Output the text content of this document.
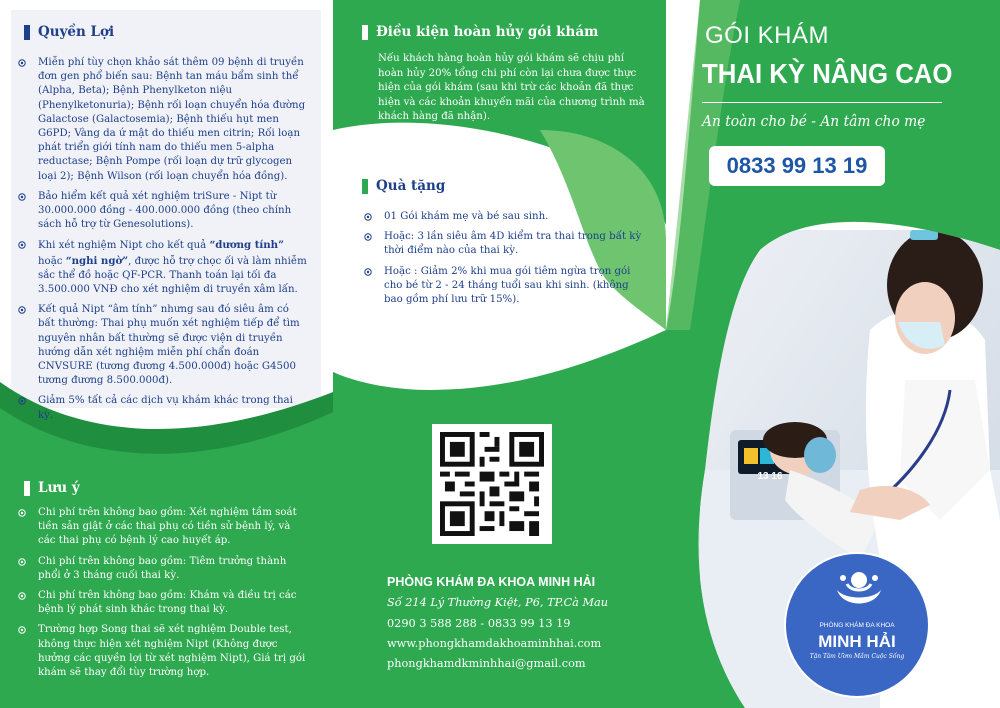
Quyền Lợi
Miễn phí tùy chọn khảo sát thêm 09 bệnh di truyền đơn gen phổ biến sau: Bệnh tan máu bẩm sinh thể (Alpha, Beta); Bệnh Phenylketon niệu (Phenylketonuria); Bệnh rối loạn chuyển hóa đường Galactose (Galactosemia); Bệnh thiếu hụt men G6PD; Vàng da ứ mật do thiếu men citrin; Rối loạn phát triển giới tính nam do thiếu men 5-alpha reductase; Bệnh Pompe (rối loạn dự trữ glycogen loại 2); Bệnh Wilson (rối loạn chuyển hóa đồng).
Bảo hiểm kết quả xét nghiệm triSure - Nipt từ 30.000.000 đồng - 400.000.000 đồng (theo chính sách hỗ trợ từ Genesolutions).
Khi xét nghiệm Nipt cho kết quả “dương tính” hoặc “nghi ngờ”, được hỗ trợ chọc ối và làm nhiễm sắc thể đồ hoặc QF-PCR. Thanh toán lại tối đa 3.500.000 VNĐ cho xét nghiệm di truyền xâm lấn.
Kết quả Nipt “âm tính” nhưng sau đó siêu âm có bất thường: Thai phụ muốn xét nghiệm tiếp để tìm nguyên nhân bất thường sẽ được viện di truyền hướng dẫn xét nghiệm miễn phí chẩn đoán CNVSURE (tương đương 4.500.000đ) hoặc G4500 tương đương 8.500.000đ).
Giảm 5% tất cả các dịch vụ khám khác trong thai kỳ.
Lưu ý
Chi phí trên không bao gồm: Xét nghiệm tầm soát tiền sản giật ở các thai phụ có tiền sử bệnh lý, và các thai phụ có bệnh lý cao huyết áp.
Chi phí trên không bao gồm: Tiêm trưởng thành phổi ở 3 tháng cuối thai kỳ.
Chi phí trên không bao gồm: Khám và điều trị các bệnh lý phát sinh khác trong thai kỳ.
Trường hợp Song thai sẽ xét nghiệm Double test, không thực hiện xét nghiệm Nipt (Không được hưởng các quyền lợi từ xét nghiệm Nipt), Giá trị gói khám sẽ thay đổi tùy trường hợp.
Điều kiện hoàn hủy gói khám
Nếu khách hàng hoàn hủy gói khám sẽ chịu phí hoàn hủy 20% tổng chi phí còn lại chưa được thực hiện của gói khám (sau khi trừ các khoản đã thực hiện và các khoản khuyến mãi của chương trình mà khách hàng đã nhận).
Quà tặng
01 Gói khám mẹ và bé sau sinh.
Hoặc: 3 lần siêu âm 4D kiểm tra thai trong bất kỳ thời điểm nào của thai kỳ.
Hoặc : Giảm 2% khi mua gói tiêm ngừa trọn gói cho bé từ 2 - 24 tháng tuổi sau khi sinh. (không bao gồm phí lưu trữ 15%).
PHÒNG KHÁM ĐA KHOA MINH HẢI
Số 214 Lý Thường Kiệt, P6, TP.Cà Mau
0290 3 588 288 - 0833 99 13 19
www.phongkhamdakhoaminhhai.com
phongkhamdkminhhai@gmail.com
GÓI KHÁM
THAI KỲ NÂNG CAO
An toàn cho bé - An tâm cho mẹ
0833 99 13 19
13 16
PHÒNG KHÁM ĐA KHOA
MINH HẢI
Tận Tâm Ươm Mầm Cuộc Sống
